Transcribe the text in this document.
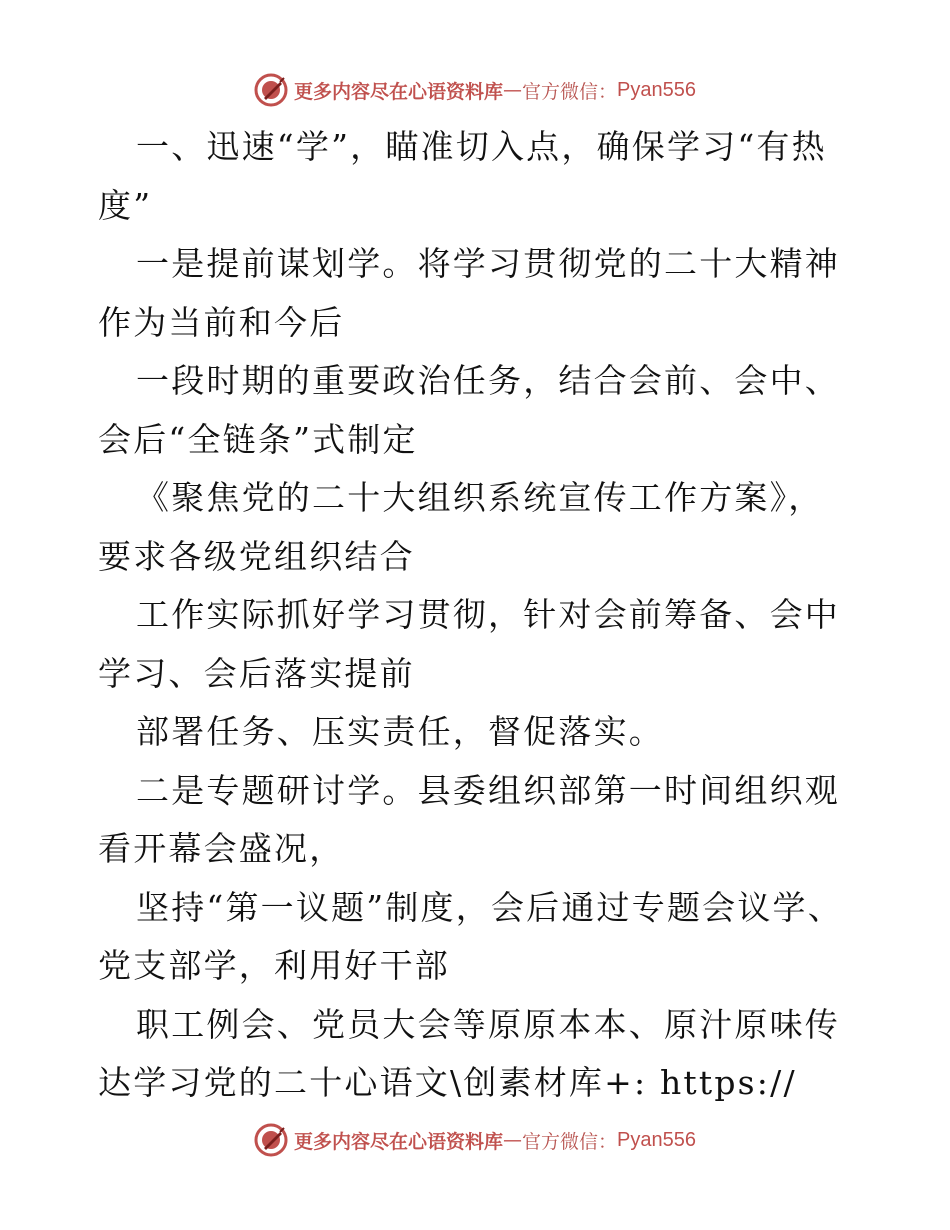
更多内容尽在心语资料库 — 官方微信： Pyan556

一、迅速“学”，瞄准切入点，确保学习“有热度”

一是提前谋划学。将学习贯彻党的二十大精神作为当前和今后

一段时期的重要政治任务，结合会前、会中、会后“全链条”式制定

《聚焦党的二十大组织系统宣传工作方案》，要求各级党组织结合

工作实际抓好学习贯彻，针对会前筹备、会中学习、会后落实提前

部署任务、压实责任，督促落实。

二是专题研讨学。县委组织部第一时间组织观看开幕会盛况，

坚持“第一议题”制度，会后通过专题会议学、党支部学，利用好干部

职工例会、党员大会等原原本本、原汁原味传达学习党的二十心语文\创素材库+: https://

更多内容尽在心语资料库 — 官方微信： Pyan556
